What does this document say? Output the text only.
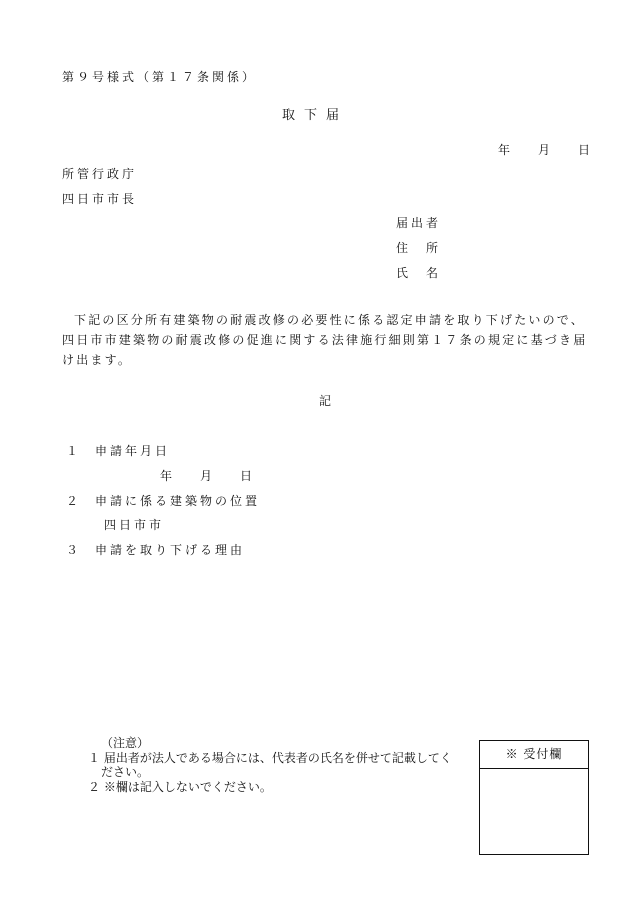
第９号様式（第１７条関係）
取下届
年 月 日
所管行政庁
四日市市長
届出者
住　所
氏　名
下記の区分所有建築物の耐震改修の必要性に係る認定申請を取り下げたいので、四日市市建築物の耐震改修の促進に関する法律施行細則第１７条の規定に基づき届け出ます。
記
１ 申請年月日
年 月 日
２ 申請に係る建築物の位置
四日市市
３ 申請を取り下げる理由
（注意）
１ 届出者が法人である場合には、代表者の氏名を併せて記載してく
ださい。
２ ※欄は記入しないでください。
※ 受付欄
